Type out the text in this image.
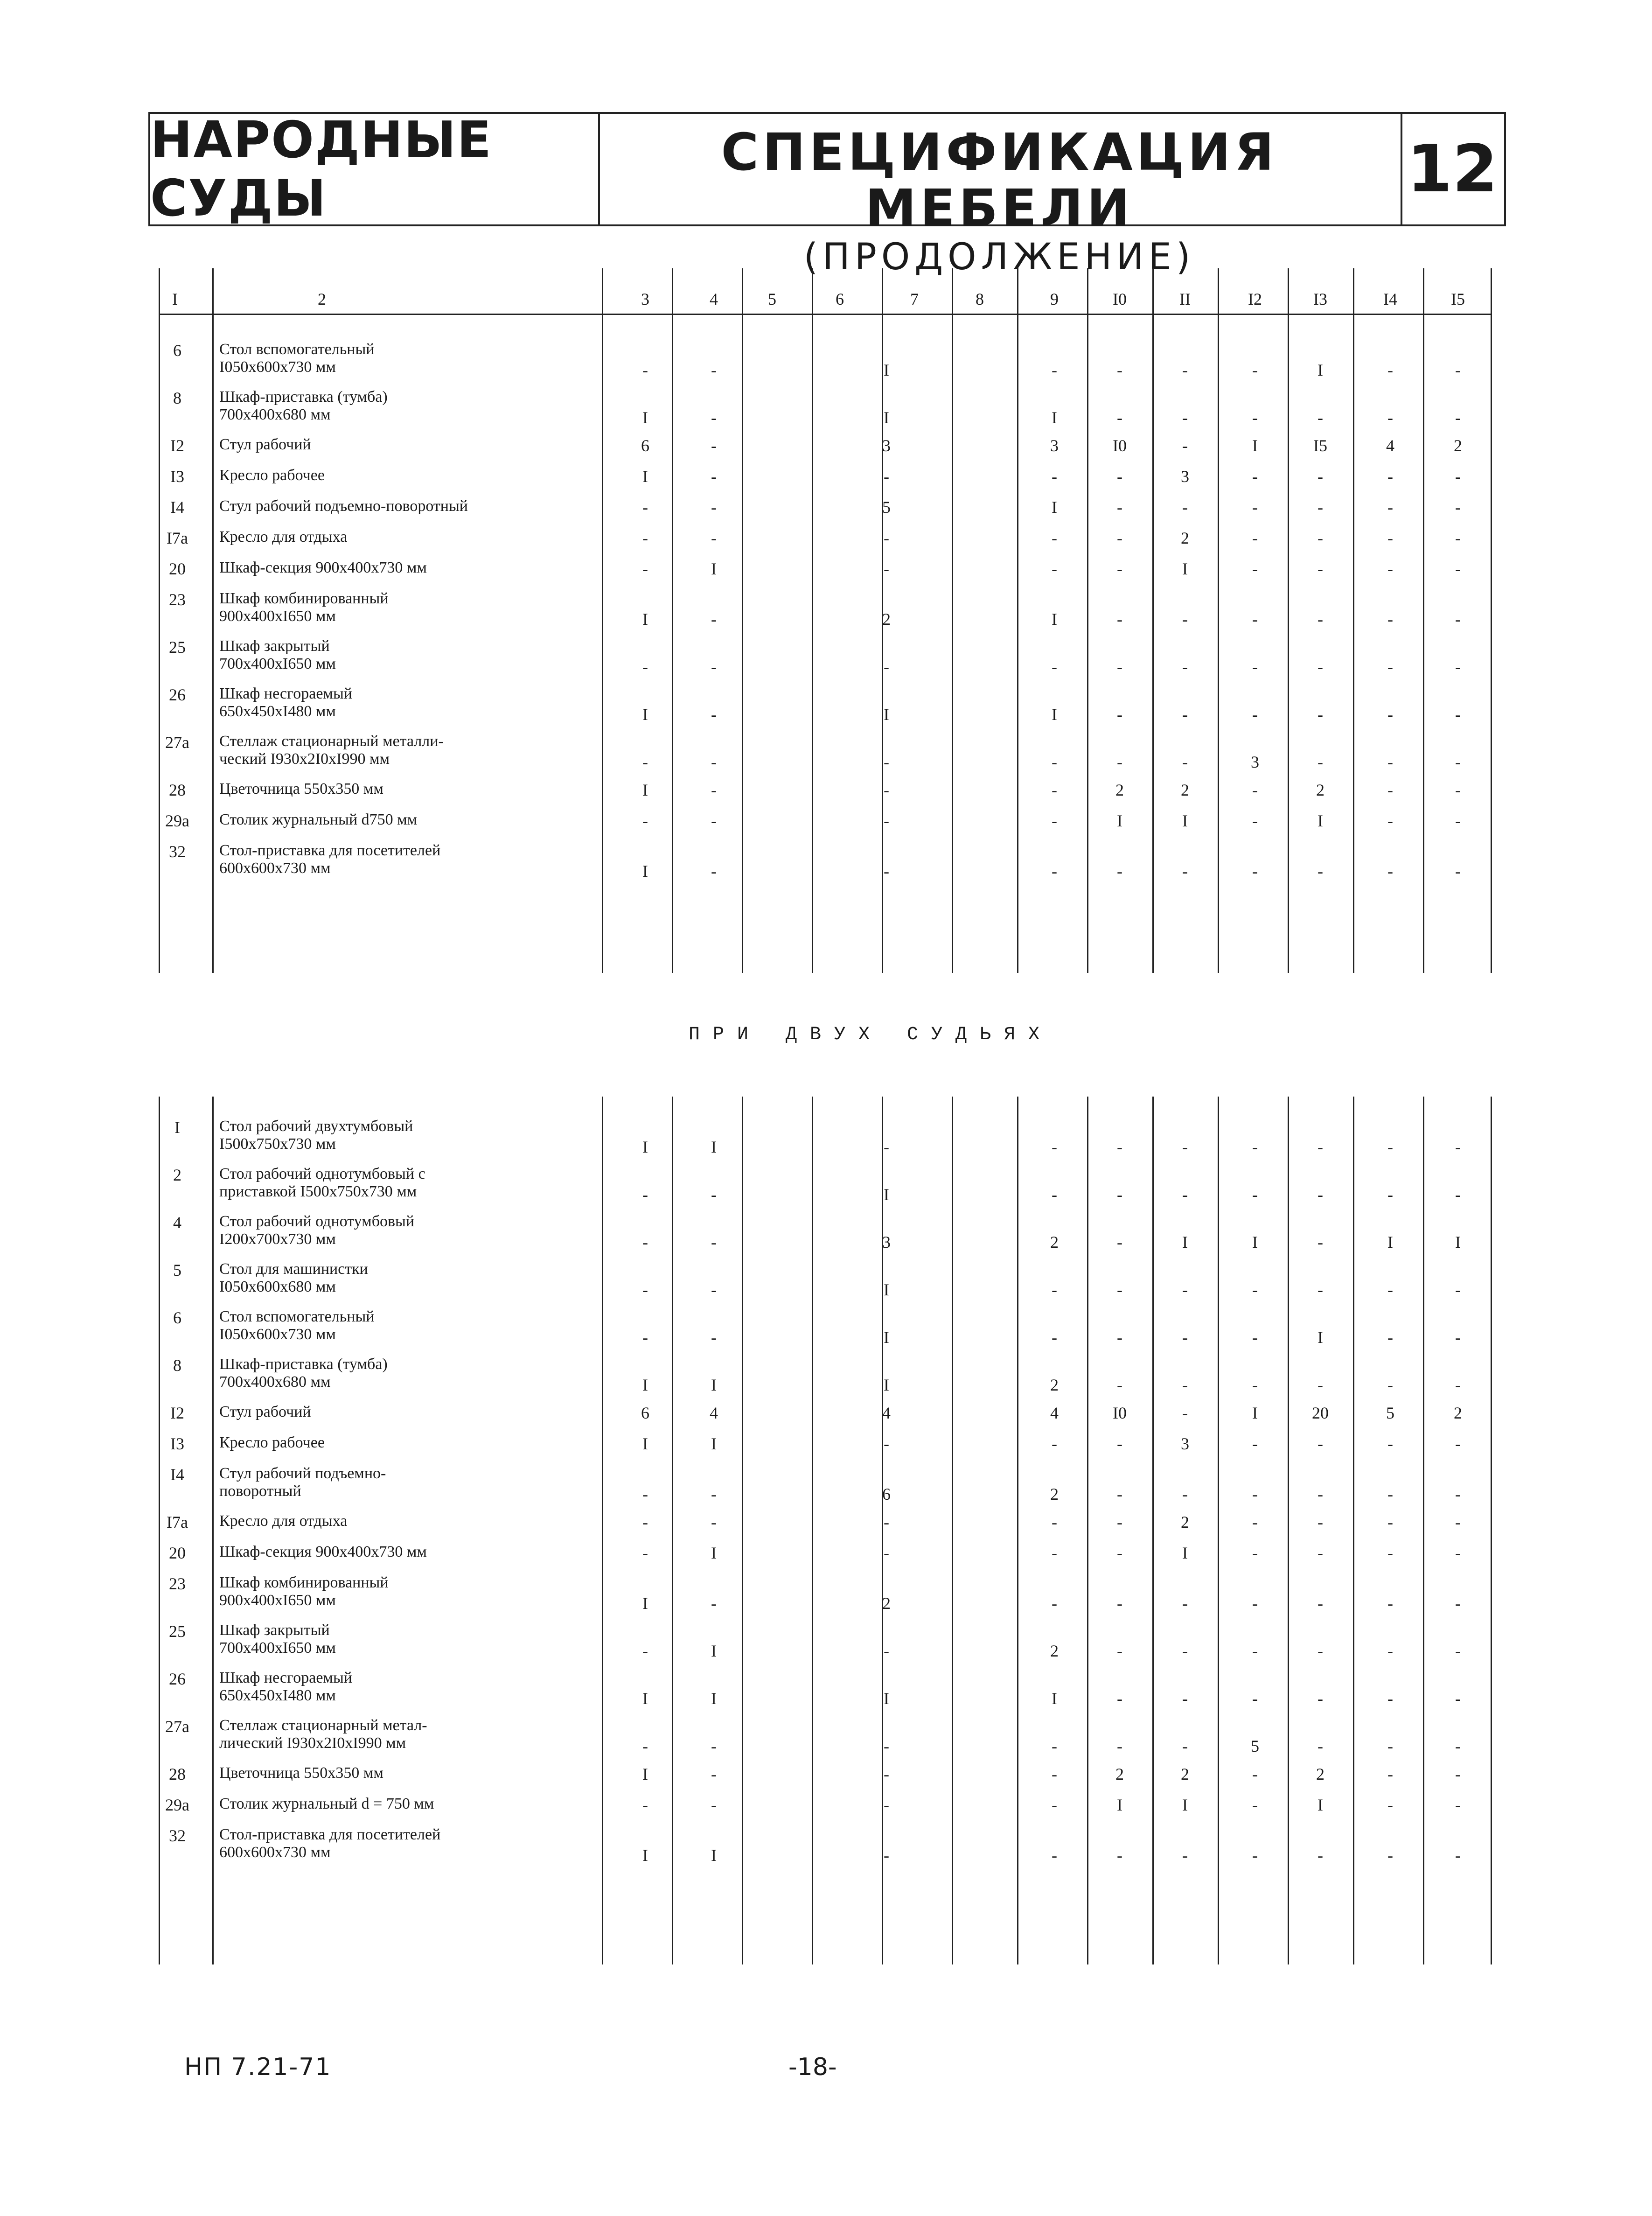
НАРОДНЫЕ СУДЫ
СПЕЦИФИКАЦИЯ МЕБЕЛИ
(ПРОДОЛЖЕНИЕ)
12
ПРИ ДВУХ СУДЬЯХ
НП 7.21-71	-18-
I	2	3	4	5	6	7	8	9	I0	II	I2	I3	I4	I5
6	Стол вспомогательный
I050x600x730 мм	-	-	I	-	-	-	-	I	-	-
8	Шкаф-приставка (тумба)
700x400x680 мм	I	-	I	I	-	-	-	-	-	-
I2	Стул рабочий	6	-	3	3	I0	-	I	I5	4	2
I3	Кресло рабочее	I	-	-	-	-	3	-	-	-	-
I4	Стул рабочий подъемно-поворотный	-	-	5	I	-	-	-	-	-	-
I7а	Кресло для отдыха	-	-	-	-	-	2	-	-	-	-
20	Шкаф-секция 900x400x730 мм	-	I	-	-	-	I	-	-	-	-
23	Шкаф комбинированный
900x400xI650 мм	I	-	2	I	-	-	-	-	-	-
25	Шкаф закрытый
700x400xI650 мм	-	-	-	-	-	-	-	-	-	-
26	Шкаф несгораемый
650x450xI480 мм	I	-	I	I	-	-	-	-	-	-
27а	Стеллаж стационарный металли-
ческий I930x2I0xI990 мм	-	-	-	-	-	-	3	-	-	-
28	Цветочница 550x350 мм	I	-	-	-	2	2	-	2	-	-
29а	Столик журнальный d750 мм	-	-	-	-	I	I	-	I	-	-
32	Стол-приставка для посетителей
600x600x730 мм	I	-	-	-	-	-	-	-	-	-
I	Стол рабочий двухтумбовый
I500x750x730 мм	I	I	-	-	-	-	-	-	-	-
2	Стол рабочий однотумбовый с
приставкой I500x750x730 мм	-	-	I	-	-	-	-	-	-	-
4	Стол рабочий однотумбовый
I200x700x730 мм	-	-	3	2	-	I	I	-	I	I
5	Стол для машинистки
I050x600x680 мм	-	-	I	-	-	-	-	-	-	-
6	Стол вспомогательный
I050x600x730 мм	-	-	I	-	-	-	-	I	-	-
8	Шкаф-приставка (тумба)
700x400x680 мм	I	I	I	2	-	-	-	-	-	-
I2	Стул рабочий	6	4	4	4	I0	-	I	20	5	2
I3	Кресло рабочее	I	I	-	-	-	3	-	-	-	-
I4	Стул рабочий подъемно-
поворотный	-	-	6	2	-	-	-	-	-	-
I7а	Кресло для отдыха	-	-	-	-	-	2	-	-	-	-
20	Шкаф-секция 900x400x730 мм	-	I	-	-	-	I	-	-	-	-
23	Шкаф комбинированный
900x400xI650 мм	I	-	2	-	-	-	-	-	-	-
25	Шкаф закрытый
700x400xI650 мм	-	I	-	2	-	-	-	-	-	-
26	Шкаф несгораемый
650x450xI480 мм	I	I	I	I	-	-	-	-	-	-
27а	Стеллаж стационарный метал-
лический I930x2I0xI990 мм	-	-	-	-	-	-	5	-	-	-
28	Цветочница 550x350 мм	I	-	-	-	2	2	-	2	-	-
29а	Столик журнальный d = 750 мм	-	-	-	-	I	I	-	I	-	-
32	Стол-приставка для посетителей
600x600x730 мм	I	I	-	-	-	-	-	-	-	-
